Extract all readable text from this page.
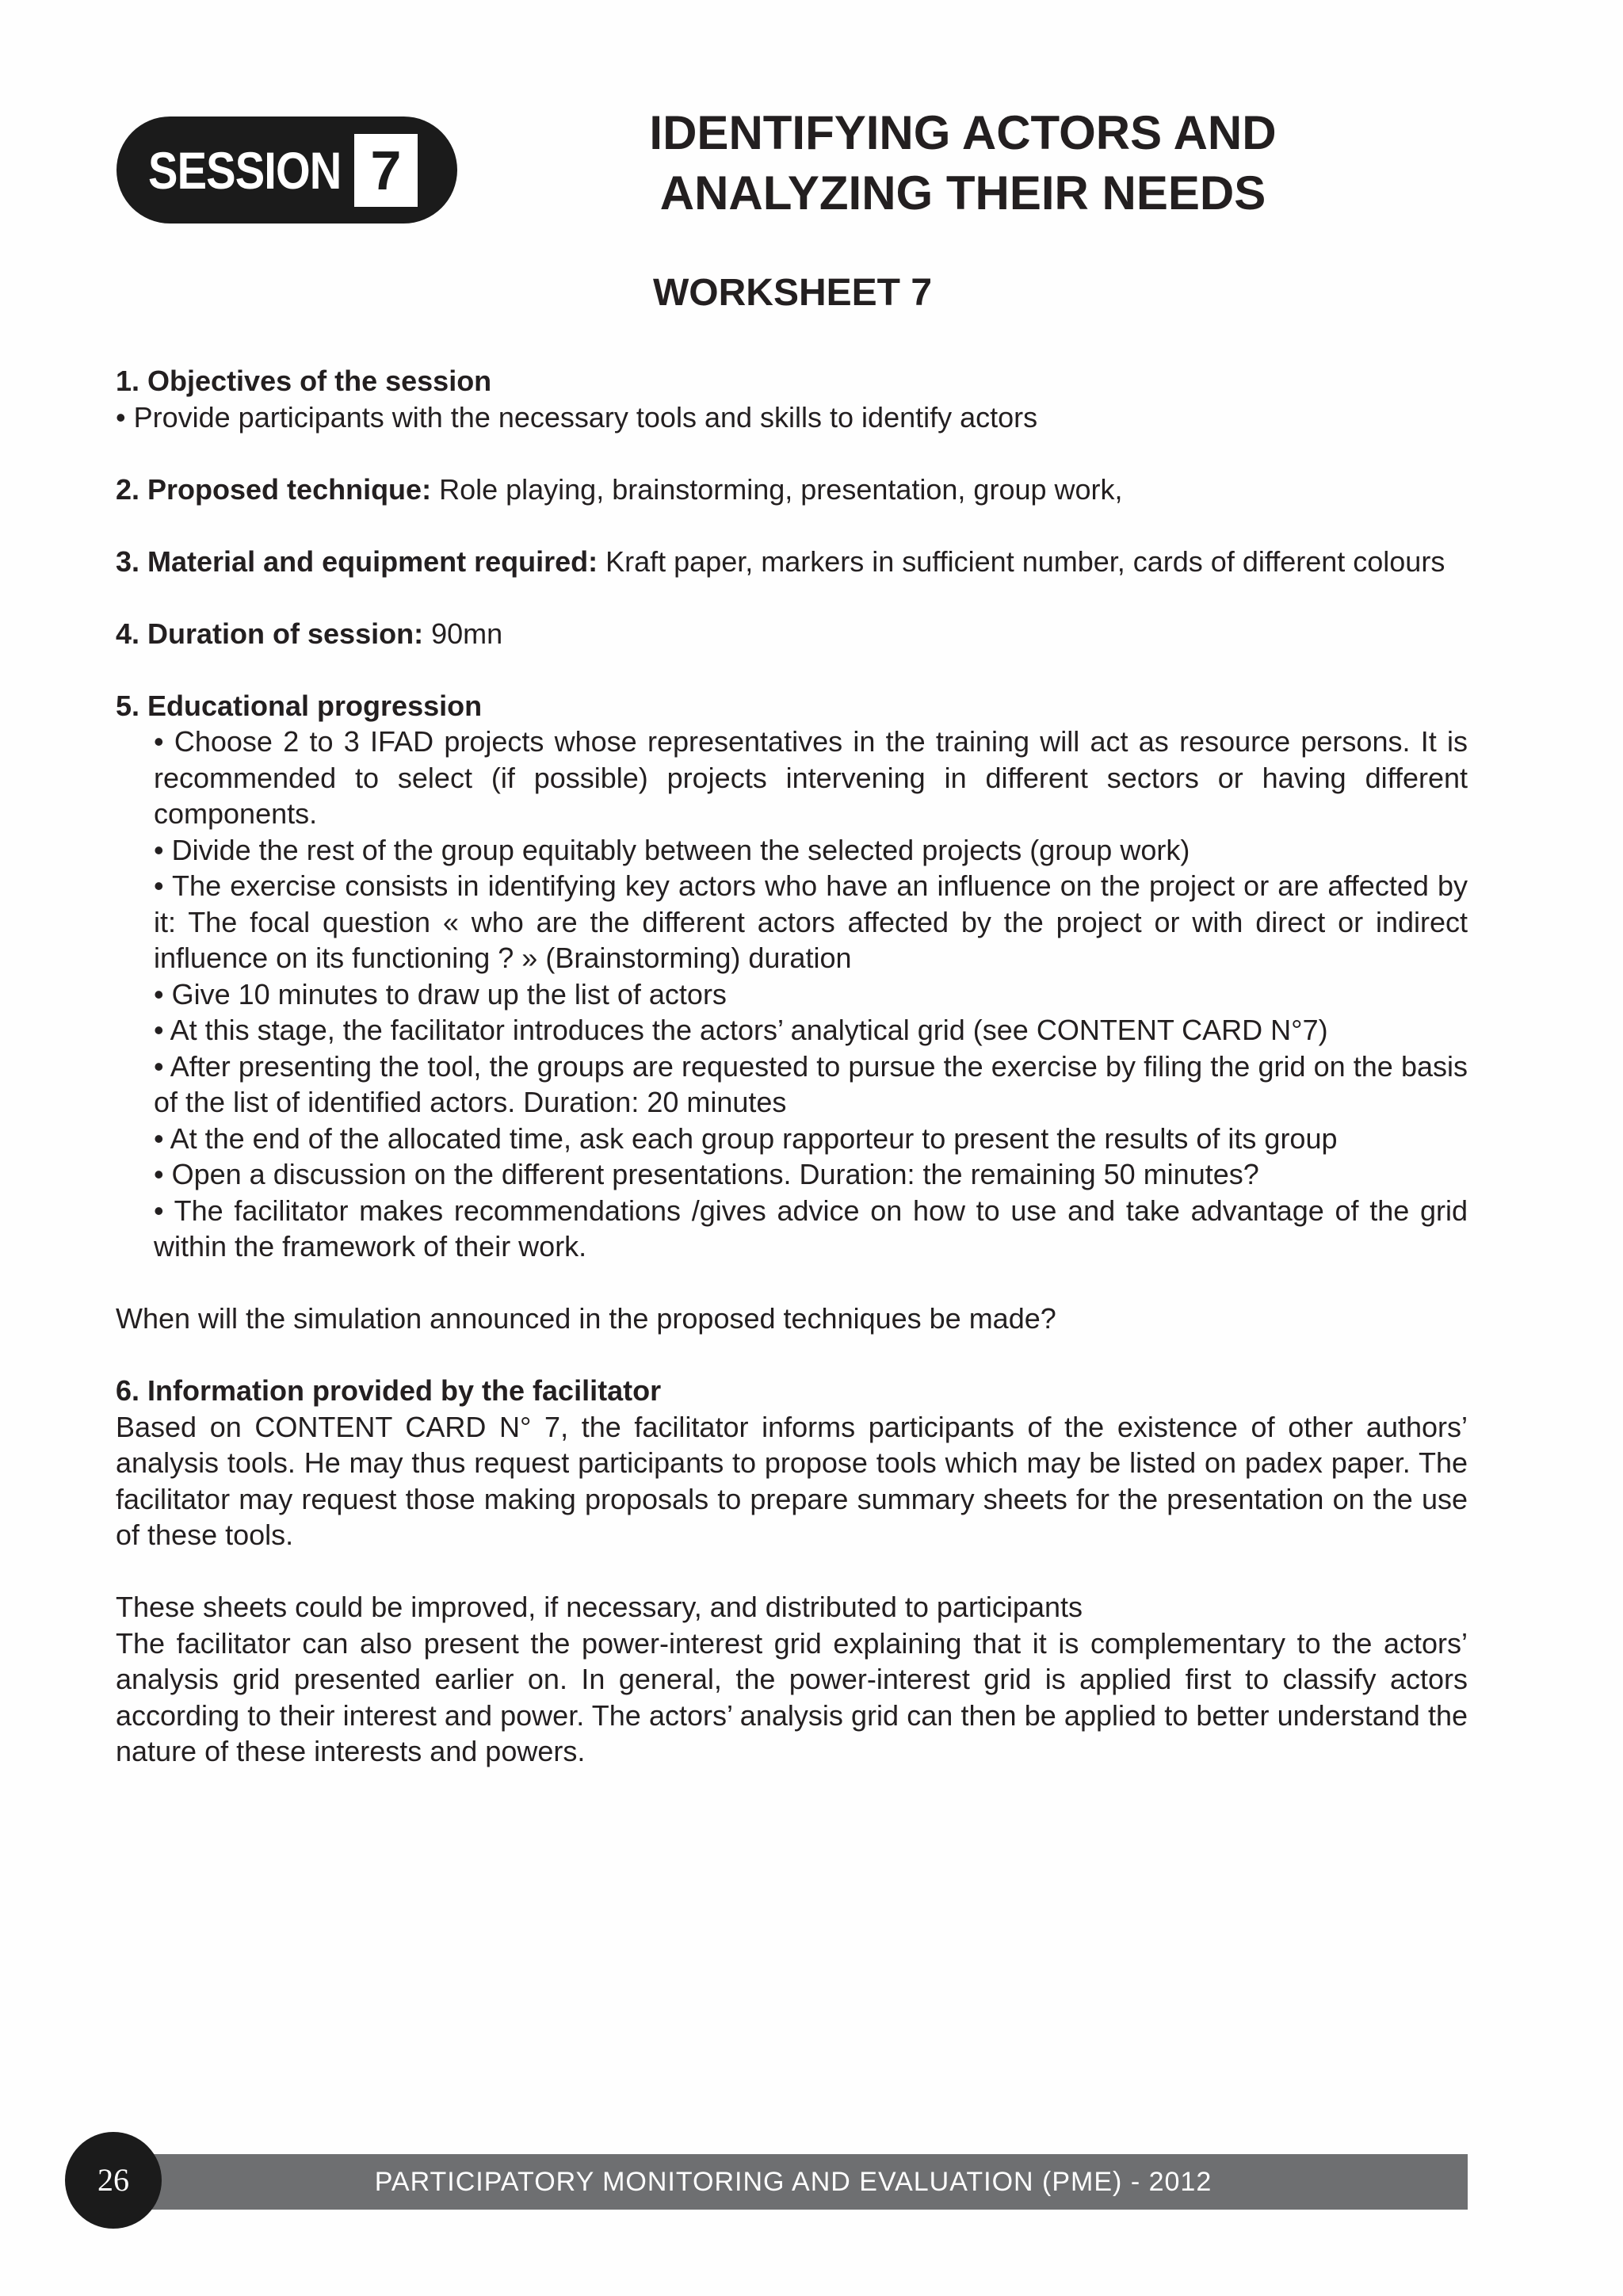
SESSION 7
IDENTIFYING ACTORS AND
ANALYZING THEIR NEEDS
WORKSHEET 7

1. Objectives of the session

• Provide participants with the necessary tools and skills to identify actors

2. Proposed technique: Role playing, brainstorming, presentation, group work,

3. Material and equipment required: Kraft paper, markers in sufficient number, cards of different colours

4. Duration of session: 90mn

5. Educational progression

• Choose 2 to 3 IFAD projects whose representatives in the training will act as resource persons. It is recommended to select (if possible) projects intervening in different sectors or having different components.

• Divide the rest of the group equitably between the selected projects (group work)

• The exercise consists in identifying key actors who have an influence on the project or are affected by it: The focal question « who are the different actors affected by the project or with direct or indirect influence on its functioning ? » (Brainstorming) duration

• Give 10 minutes to draw up the list of actors

• At this stage, the facilitator introduces the actors’ analytical grid (see CONTENT CARD N°7)

• After presenting the tool, the groups are requested to pursue the exercise by filing the grid on the basis of the list of identified actors. Duration: 20 minutes

• At the end of the allocated time, ask each group rapporteur to present the results of its group

• Open a discussion on the different presentations. Duration: the remaining 50 minutes?

• The facilitator makes recommendations /gives advice on how to use and take advantage of the grid within the framework of their work.

When will the simulation announced in the proposed techniques be made?

6. Information provided by the facilitator

Based on CONTENT CARD N° 7, the facilitator informs participants of the existence of other authors’ analysis tools. He may thus request participants to propose tools which may be listed on padex paper. The facilitator may request those making proposals to prepare summary sheets for the presentation on the use of these tools.

These sheets could be improved, if necessary, and distributed to participants

The facilitator can also present the power-interest grid explaining that it is complementary to the actors’ analysis grid presented earlier on. In general, the power-interest grid is applied first to classify actors according to their interest and power. The actors’ analysis grid can then be applied to better understand the nature of these interests and powers.

PARTICIPATORY MONITORING AND EVALUATION (PME) - 2012
26
